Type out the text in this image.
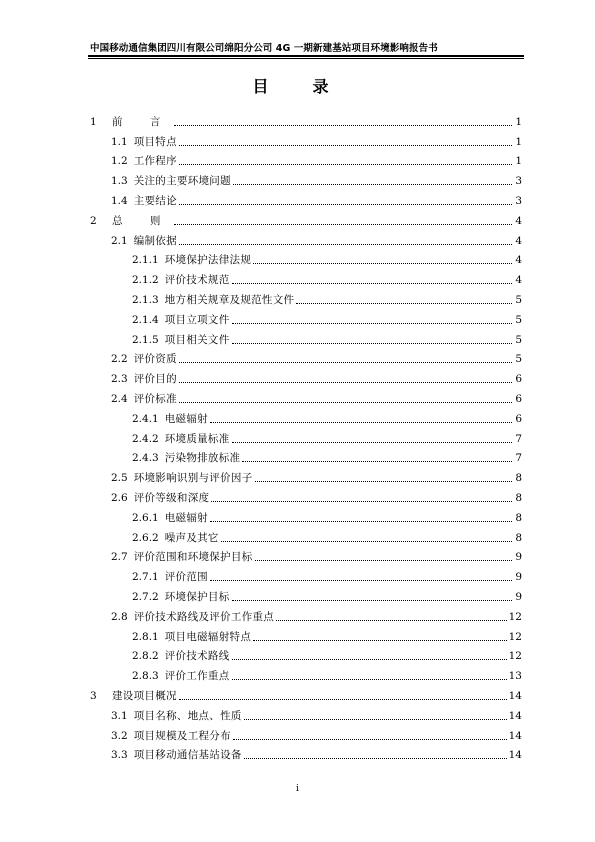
中国移动通信集团四川有限公司绵阳分公司 4G 一期新建基站项目环境影响报告书
目　录
1	前 言	1
1.1 项目特点	1
1.2 工作程序	1
1.3 关注的主要环境问题	3
1.4 主要结论	3
2	总 则	4
2.1 编制依据	4
2.1.1 环境保护法律法规	4
2.1.2 评价技术规范	4
2.1.3 地方相关规章及规范性文件	5
2.1.4 项目立项文件	5
2.1.5 项目相关文件	5
2.2 评价资质	5
2.3 评价目的	6
2.4 评价标准	6
2.4.1 电磁辐射	6
2.4.2 环境质量标准	7
2.4.3 污染物排放标准	7
2.5 环境影响识别与评价因子	8
2.6 评价等级和深度	8
2.6.1 电磁辐射	8
2.6.2 噪声及其它	8
2.7 评价范围和环境保护目标	9
2.7.1 评价范围	9
2.7.2 环境保护目标	9
2.8 评价技术路线及评价工作重点	12
2.8.1 项目电磁辐射特点	12
2.8.2 评价技术路线	12
2.8.3 评价工作重点	13
3	建设项目概况	14
3.1 项目名称、地点、性质	14
3.2 项目规模及工程分布	14
3.3 项目移动通信基站设备	14
i
